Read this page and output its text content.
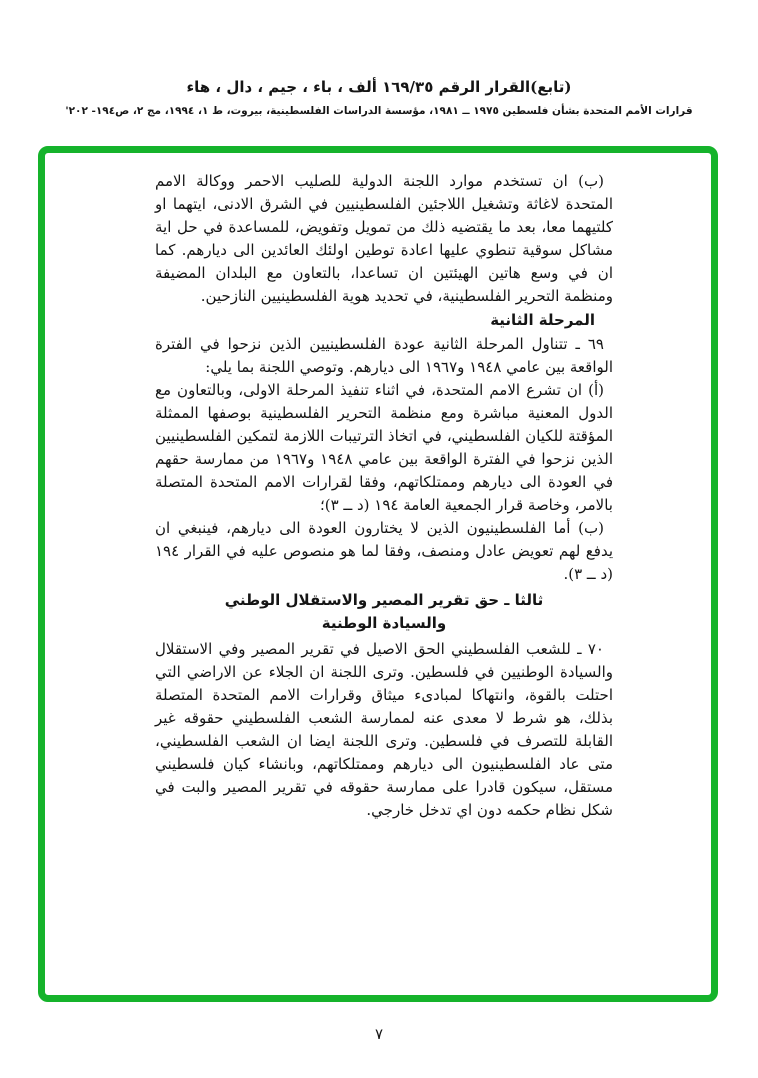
(تابع)القرار الرقم ١٦٩/٣٥ ألف ، باء ، جيم ، دال ، هاء
قرارات الأمم المتحدة بشأن فلسطين ١٩٧٥ ــ ١٩٨١، مؤسسة الدراسات الفلسطينية، بيروت، ط ١، ١٩٩٤، مج ٢، ص١٩٤- ٢٠٢'

(ب) ان تستخدم موارد اللجنة الدولية للصليب الاحمر ووكالة الامم المتحدة لاغاثة وتشغيل اللاجئين الفلسطينيين في الشرق الادنى، ايتهما او كلتيهما معا، بعد ما يقتضيه ذلك من تمويل وتفويض، للمساعدة في حل اية مشاكل سوقية تنطوي عليها اعادة توطين اولئك العائدين الى ديارهم. كما ان في وسع هاتين الهيئتين ان تساعدا، بالتعاون مع البلدان المضيفة ومنظمة التحرير الفلسطينية، في تحديد هوية الفلسطينيين النازحين.

المرحلة الثانية

٦٩ ـ تتناول المرحلة الثانية عودة الفلسطينيين الذين نزحوا في الفترة الواقعة بين عامي ١٩٤٨ و١٩٦٧ الى ديارهم. وتوصي اللجنة بما يلي:

(أ) ان تشرع الامم المتحدة، في اثناء تنفيذ المرحلة الاولى، وبالتعاون مع الدول المعنية مباشرة ومع منظمة التحرير الفلسطينية بوصفها الممثلة المؤقتة للكيان الفلسطيني، في اتخاذ الترتيبات اللازمة لتمكين الفلسطينيين الذين نزحوا في الفترة الواقعة بين عامي ١٩٤٨ و١٩٦٧ من ممارسة حقهم في العودة الى ديارهم وممتلكاتهم، وفقا لقرارات الامم المتحدة المتصلة بالامر، وخاصة قرار الجمعية العامة ١٩٤ (د ــ ٣)؛

(ب) أما الفلسطينيون الذين لا يختارون العودة الى ديارهم، فينبغي ان يدفع لهم تعويض عادل ومنصف، وفقا لما هو منصوص عليه في القرار ١٩٤ (د ــ ٣).

ثالثا ـ حق تقرير المصير والاستقلال الوطني
والسيادة الوطنية

٧٠ ـ للشعب الفلسطيني الحق الاصيل في تقرير المصير وفي الاستقلال والسيادة الوطنيين في فلسطين. وترى اللجنة ان الجلاء عن الاراضي التي احتلت بالقوة، وانتهاكا لمبادىء ميثاق وقرارات الامم المتحدة المتصلة بذلك، هو شرط لا معدى عنه لممارسة الشعب الفلسطيني حقوقه غير القابلة للتصرف في فلسطين. وترى اللجنة ايضا ان الشعب الفلسطيني، متى عاد الفلسطينيون الى ديارهم وممتلكاتهم، وبانشاء كيان فلسطيني مستقل، سيكون قادرا على ممارسة حقوقه في تقرير المصير والبت في شكل نظام حكمه دون اي تدخل خارجي.

٧
